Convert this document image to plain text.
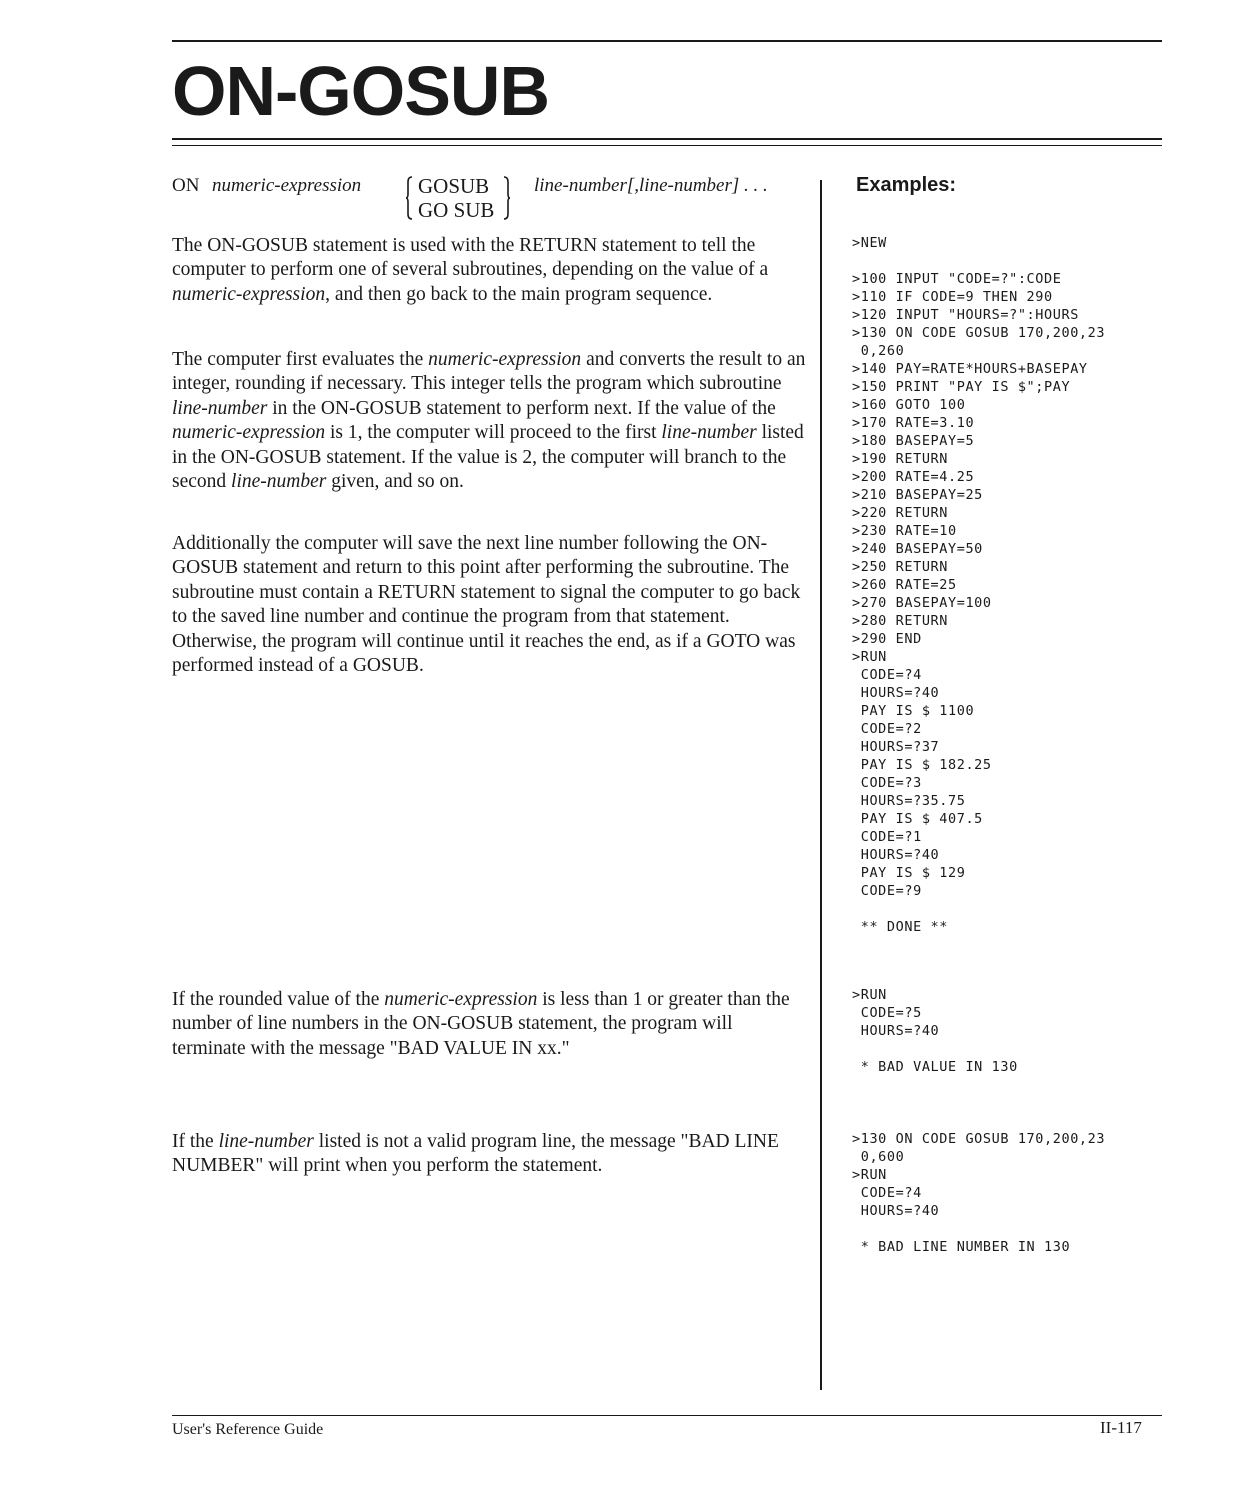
ON-GOSUB
ON numeric-expression	GOSUB
GO SUB
line-number[,line-number] . . .

The ON-GOSUB statement is used with the RETURN statement to tell the computer to perform one of several subroutines, depending on the value of a numeric-expression, and then go back to the main program sequence.

The computer first evaluates the numeric-expression and converts the result to an integer, rounding if necessary. This integer tells the program which subroutine line-number in the ON-GOSUB statement to perform next. If the value of the numeric-expression is 1, the computer will proceed to the first line-number listed in the ON-GOSUB statement. If the value is 2, the computer will branch to the second line-number given, and so on.

Additionally the computer will save the next line number following the ON-GOSUB statement and return to this point after performing the subroutine. The subroutine must contain a RETURN statement to signal the computer to go back to the saved line number and continue the program from that statement. Otherwise, the program will continue until it reaches the end, as if a GOTO was performed instead of a GOSUB.

If the rounded value of the numeric-expression is less than 1 or greater than the number of line numbers in the ON-GOSUB statement, the program will terminate with the message "BAD VALUE IN xx."

If the line-number listed is not a valid program line, the message "BAD LINE NUMBER" will print when you perform the statement.

Examples:
>NEW
>100 INPUT "CODE=?":CODE
>110 IF CODE=9 THEN 290
>120 INPUT "HOURS=?":HOURS
>130 ON CODE GOSUB 170,200,23
0,260
>140 PAY=RATE*HOURS+BASEPAY
>150 PRINT "PAY IS $";PAY
>160 GOTO 100
>170 RATE=3.10
>180 BASEPAY=5
>190 RETURN
>200 RATE=4.25
>210 BASEPAY=25
>220 RETURN
>230 RATE=10
>240 BASEPAY=50
>250 RETURN
>260 RATE=25
>270 BASEPAY=100
>280 RETURN
>290 END
>RUN
CODE=?4
HOURS=?40
PAY IS $ 1100
CODE=?2
HOURS=?37
PAY IS $ 182.25
CODE=?3
HOURS=?35.75
PAY IS $ 407.5
CODE=?1
HOURS=?40
PAY IS $ 129
CODE=?9
** DONE **
>RUN
CODE=?5
HOURS=?40
* BAD VALUE IN 130
>130 ON CODE GOSUB 170,200,23
0,600
>RUN
CODE=?4
HOURS=?40
* BAD LINE NUMBER IN 130
User's Reference Guide	II-117
